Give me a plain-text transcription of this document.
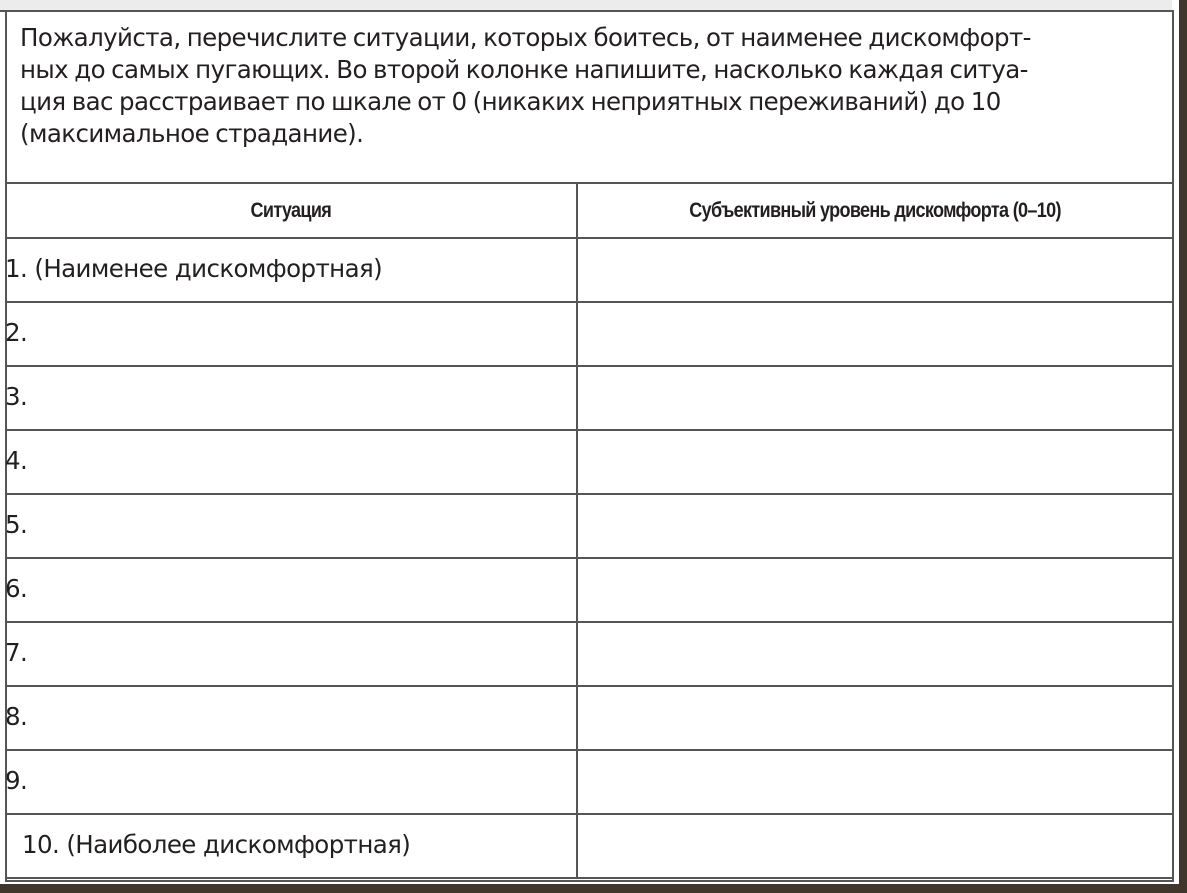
Пожалуйста, перечислите ситуации, которых боитесь, от наименее дискомфорт-
ных до самых пугающих. Во второй колонке напишите, насколько каждая ситуа-
ция вас расстраивает по шкале от 0 (никаких неприятных переживаний) до 10
(максимальное страдание).
Ситуация	Субъективный уровень дискомфорта (0–10)
1. (Наименее дискомфортная)	
2.	
3.	
4.	
5.	
6.	
7.	
8.	
9.	
10. (Наиболее дискомфортная)	
